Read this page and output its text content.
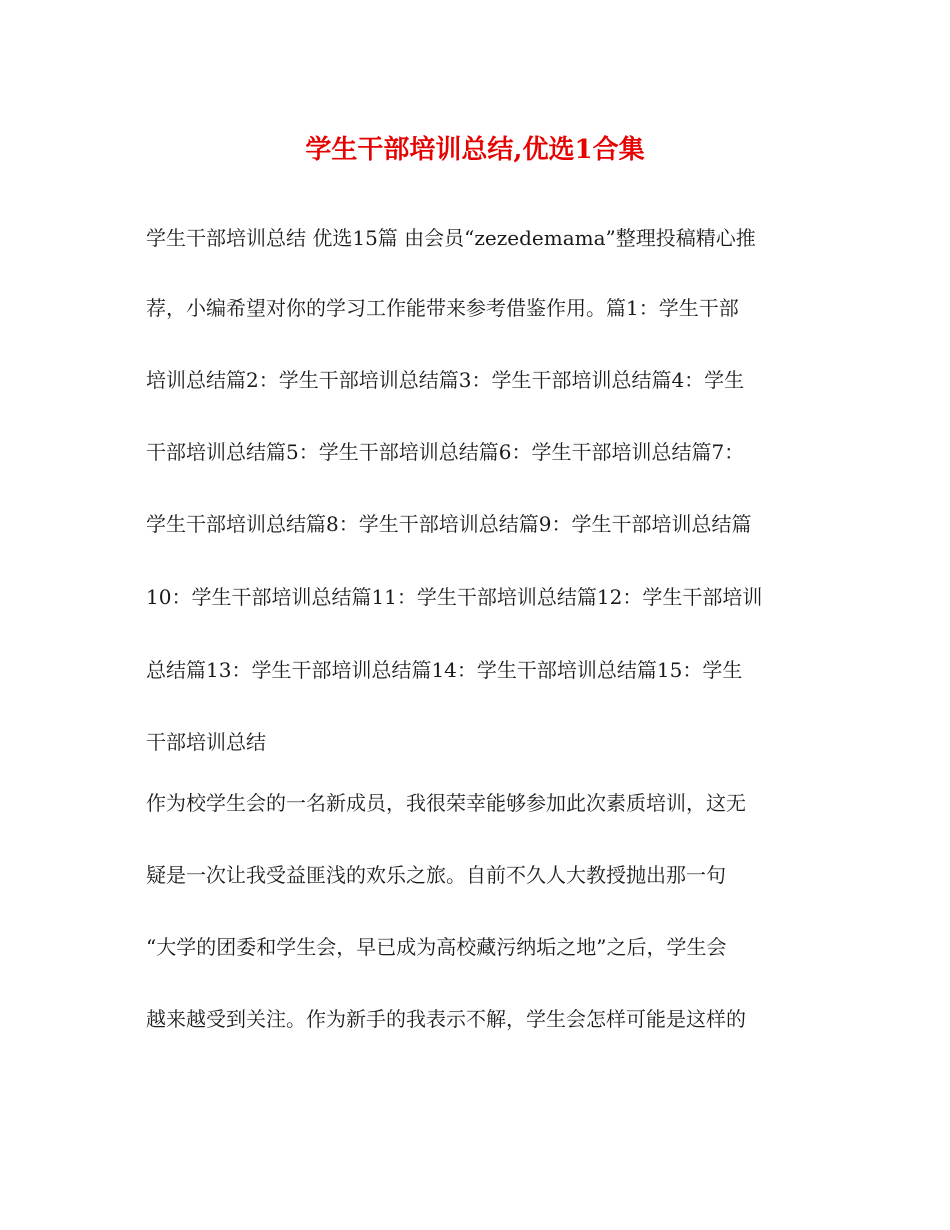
学生干部培训总结,优选1合集

学生干部培训总结 优选15篇 由会员“zezedemama”整理投稿精心推

荐，小编希望对你的学习工作能带来参考借鉴作用。篇1：学生干部

培训总结篇2：学生干部培训总结篇3：学生干部培训总结篇4：学生

干部培训总结篇5：学生干部培训总结篇6：学生干部培训总结篇7：

学生干部培训总结篇8：学生干部培训总结篇9：学生干部培训总结篇

10：学生干部培训总结篇11：学生干部培训总结篇12：学生干部培训

总结篇13：学生干部培训总结篇14：学生干部培训总结篇15：学生

干部培训总结

作为校学生会的一名新成员，我很荣幸能够参加此次素质培训，这无

疑是一次让我受益匪浅的欢乐之旅。自前不久人大教授抛出那一句

“大学的团委和学生会，早已成为高校藏污纳垢之地”之后，学生会

越来越受到关注。作为新手的我表示不解，学生会怎样可能是这样的
